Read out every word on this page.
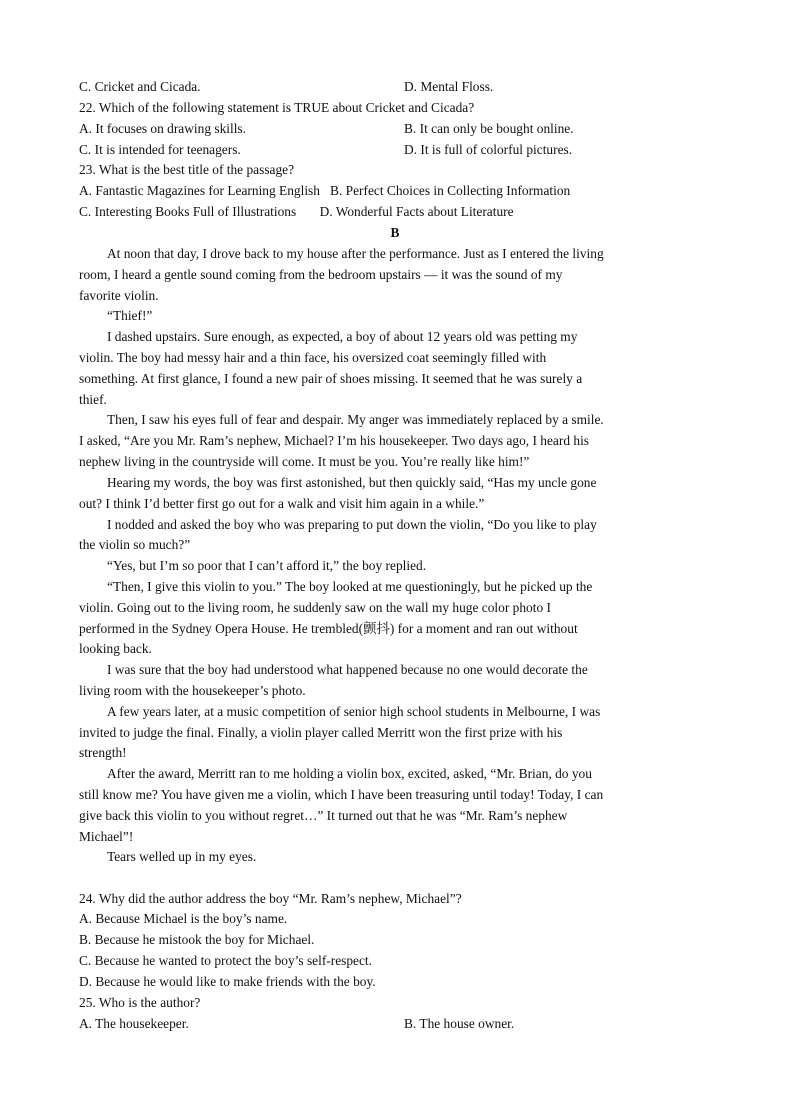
C. Cricket and Cicada.	D. Mental Floss.
22. Which of the following statement is TRUE about Cricket and Cicada?
A. It focuses on drawing skills.	B. It can only be bought online.
C. It is intended for teenagers.	D. It is full of colorful pictures.
23. What is the best title of the passage?
A. Fantastic Magazines for Learning English   B. Perfect Choices in Collecting Information
C. Interesting Books Full of Illustrations       D. Wonderful Facts about Literature
B
At noon that day, I drove back to my house after the performance. Just as I entered the living
room, I heard a gentle sound coming from the bedroom upstairs — it was the sound of my
favorite violin.
“Thief!”
I dashed upstairs. Sure enough, as expected, a boy of about 12 years old was petting my
violin. The boy had messy hair and a thin face, his oversized coat seemingly filled with
something. At first glance, I found a new pair of shoes missing. It seemed that he was surely a
thief.
Then, I saw his eyes full of fear and despair. My anger was immediately replaced by a smile.
I asked, “Are you Mr. Ram’s nephew, Michael? I’m his housekeeper. Two days ago, I heard his
nephew living in the countryside will come. It must be you. You’re really like him!”
Hearing my words, the boy was first astonished, but then quickly said, “Has my uncle gone
out? I think I’d better first go out for a walk and visit him again in a while.”
I nodded and asked the boy who was preparing to put down the violin, “Do you like to play
the violin so much?”
“Yes, but I’m so poor that I can’t afford it,” the boy replied.
“Then, I give this violin to you.” The boy looked at me questioningly, but he picked up the
violin. Going out to the living room, he suddenly saw on the wall my huge color photo I
performed in the Sydney Opera House. He trembled(颤抖) for a moment and ran out without
looking back.
I was sure that the boy had understood what happened because no one would decorate the
living room with the housekeeper’s photo.
A few years later, at a music competition of senior high school students in Melbourne, I was
invited to judge the final. Finally, a violin player called Merritt won the first prize with his
strength!
After the award, Merritt ran to me holding a violin box, excited, asked, “Mr. Brian, do you
still know me? You have given me a violin, which I have been treasuring until today! Today, I can
give back this violin to you without regret…” It turned out that he was “Mr. Ram’s nephew
Michael”!
Tears welled up in my eyes.
24. Why did the author address the boy “Mr. Ram’s nephew, Michael”?
A. Because Michael is the boy’s name.
B. Because he mistook the boy for Michael.
C. Because he wanted to protect the boy’s self-respect.
D. Because he would like to make friends with the boy.
25. Who is the author?
A. The housekeeper.	B. The house owner.
